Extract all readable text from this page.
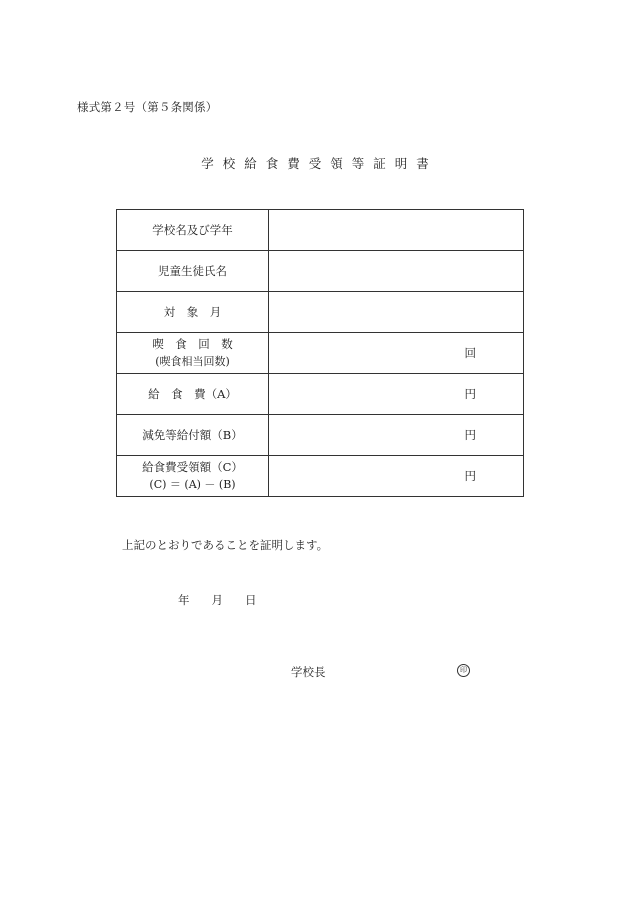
様式第２号（第５条関係）
学校給食費受領等証明書
学校名及び学年	
児童生徒氏名	
対　象　月	
喫　食　回　数
(喫食相当回数)	回
給　食　費（A）	円
減免等給付額（B）	円
給食費受領額（C）
(C) ＝ (A) － (B)	円
上記のとおりであることを証明します。
年 月 日
学校長	印
